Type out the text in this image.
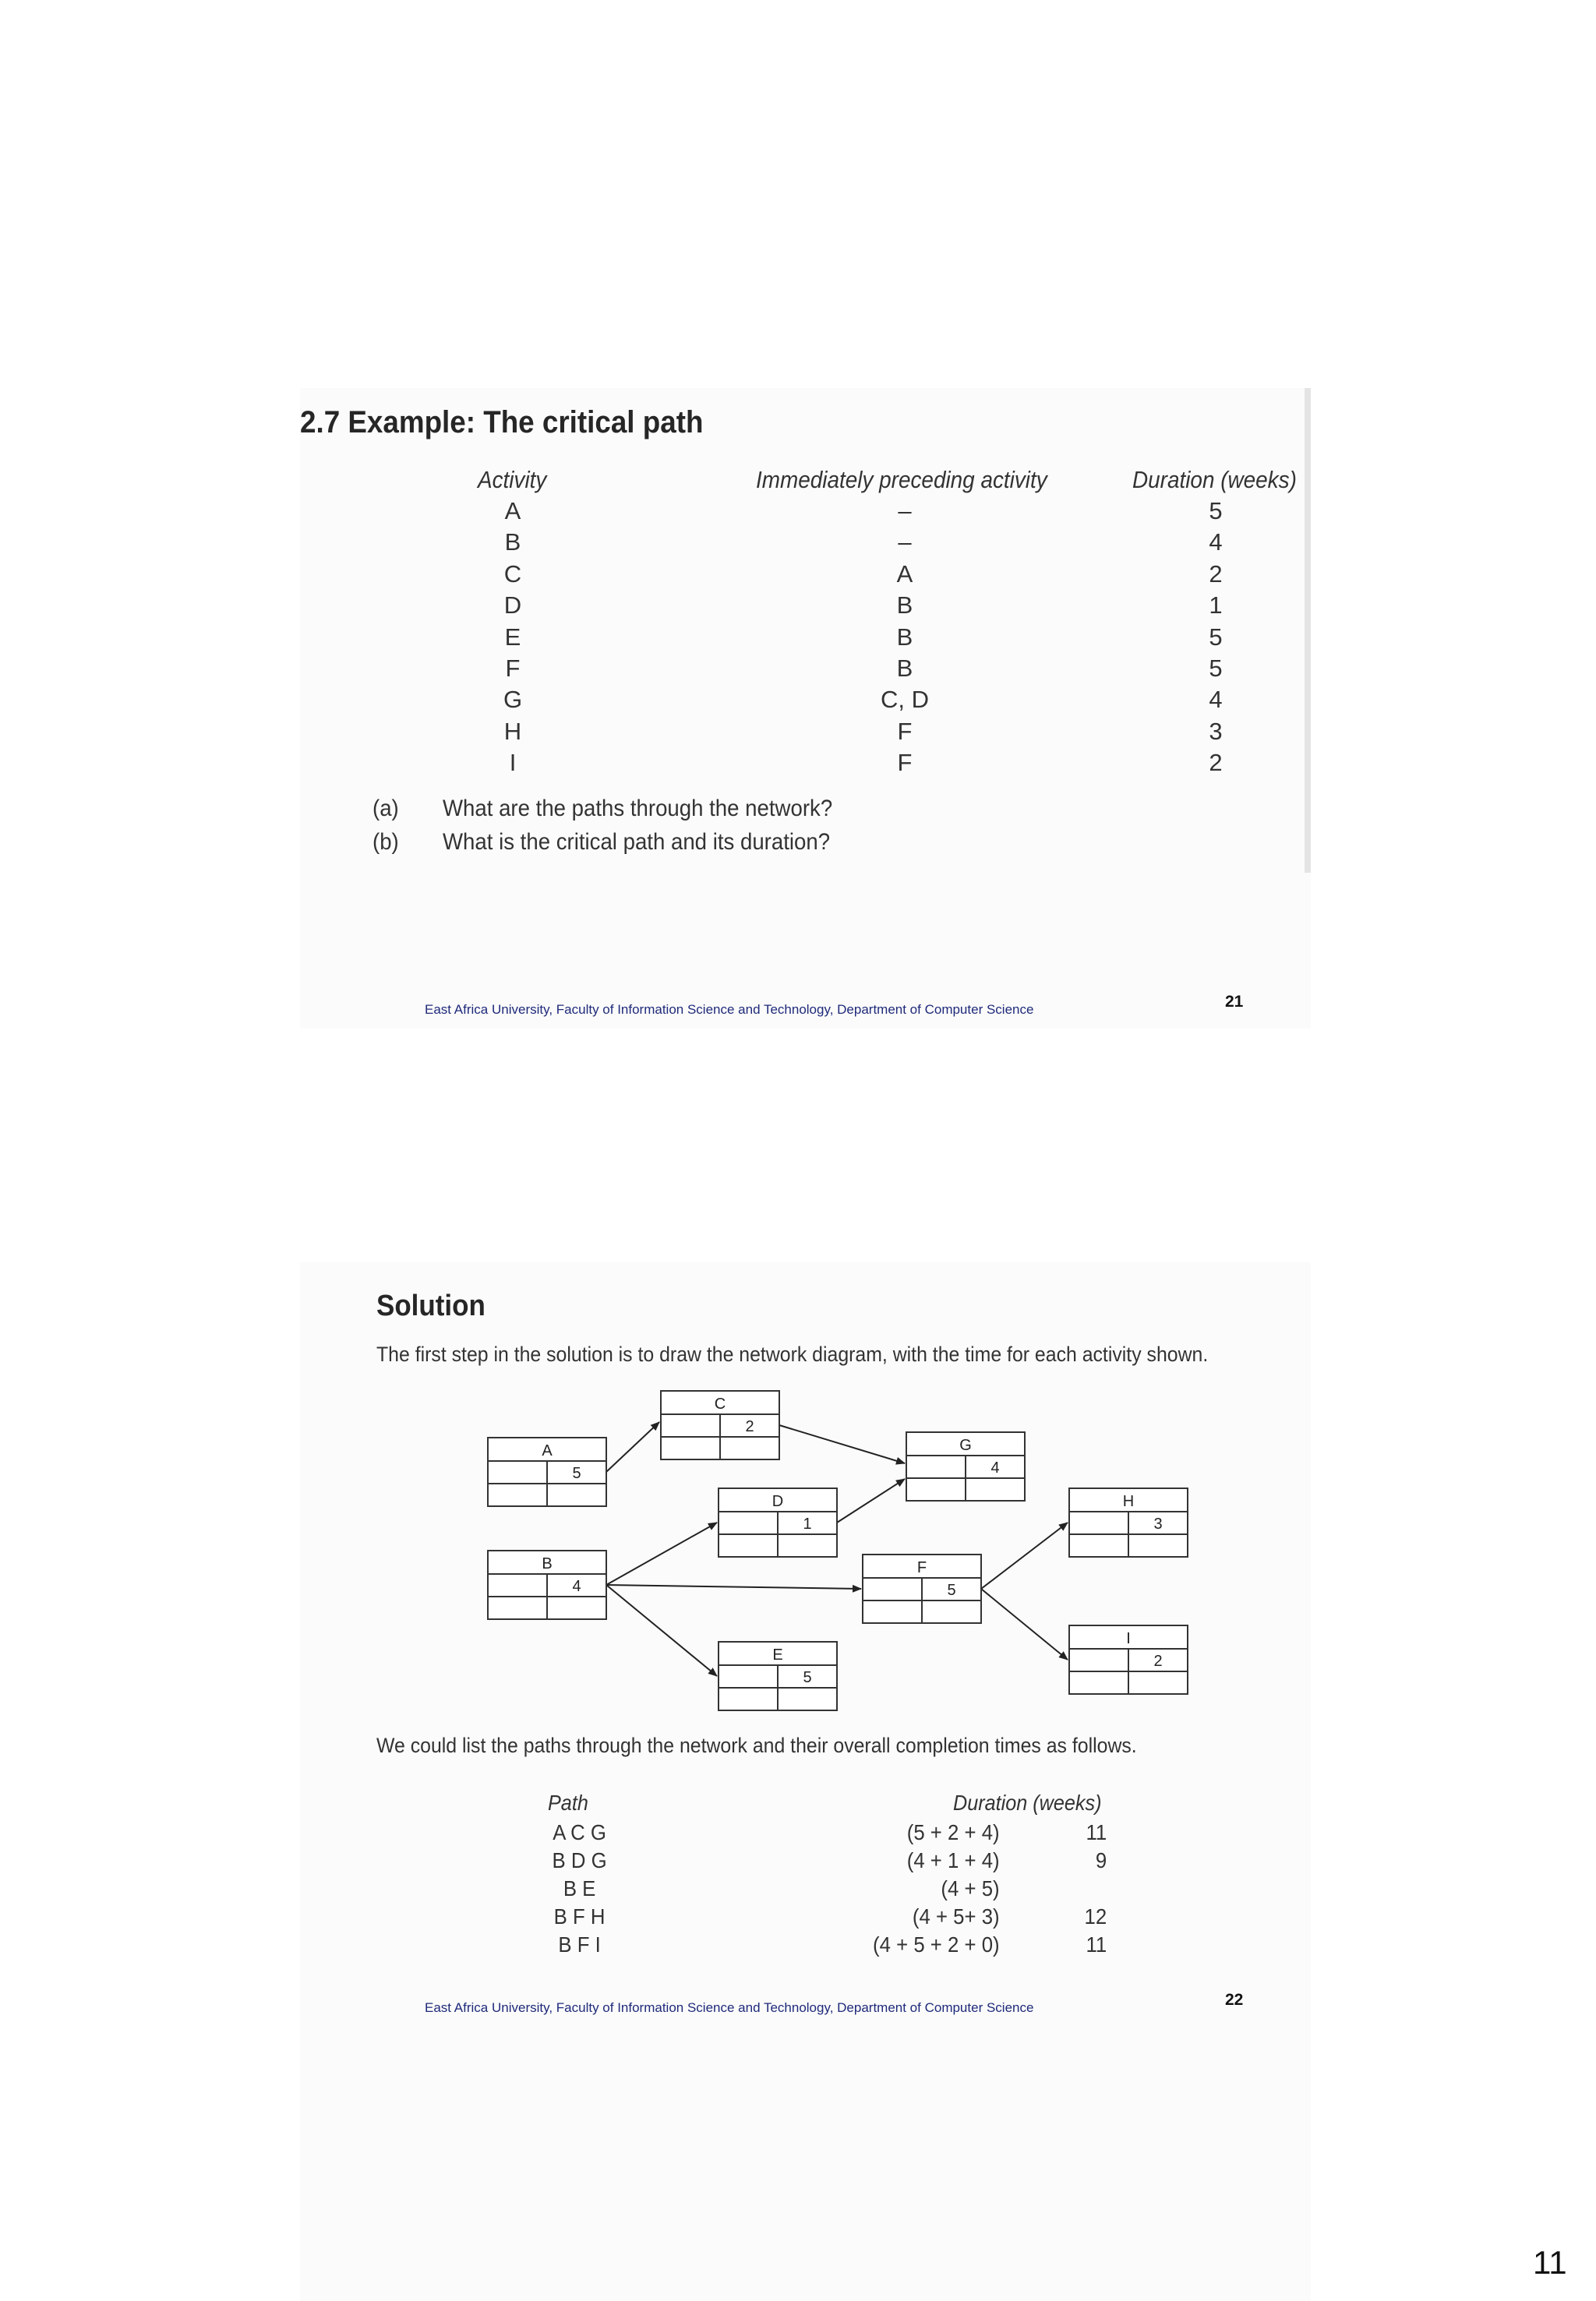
2.7 Example: The critical path
Activity	Immediately preceding activity	Duration (weeks)
A	–	5
B	–	4
C	A	2
D	B	1
E	B	5
F	B	5
G	C, D	4
H	F	3
I	F	2
(a) What are the paths through the network?
(b) What is the critical path and its duration?
East Africa University, Faculty of Information Science and Technology, Department of Computer Science	21
Solution
The first step in the solution is to draw the network diagram, with the time for each activity shown.
A
5
B
4
C
2
D
1
E
5
F
5
G
4
H
3
I
2
We could list the paths through the network and their overall completion times as follows.
Path	Duration (weeks)
A C G	(5 + 2 + 4)	11
B D G	(4 + 1 + 4)	9
B E	(4 + 5)
B F H	(4 + 5+ 3)	12
B F I	(4 + 5 + 2 + 0)	11
East Africa University, Faculty of Information Science and Technology, Department of Computer Science	22
11
